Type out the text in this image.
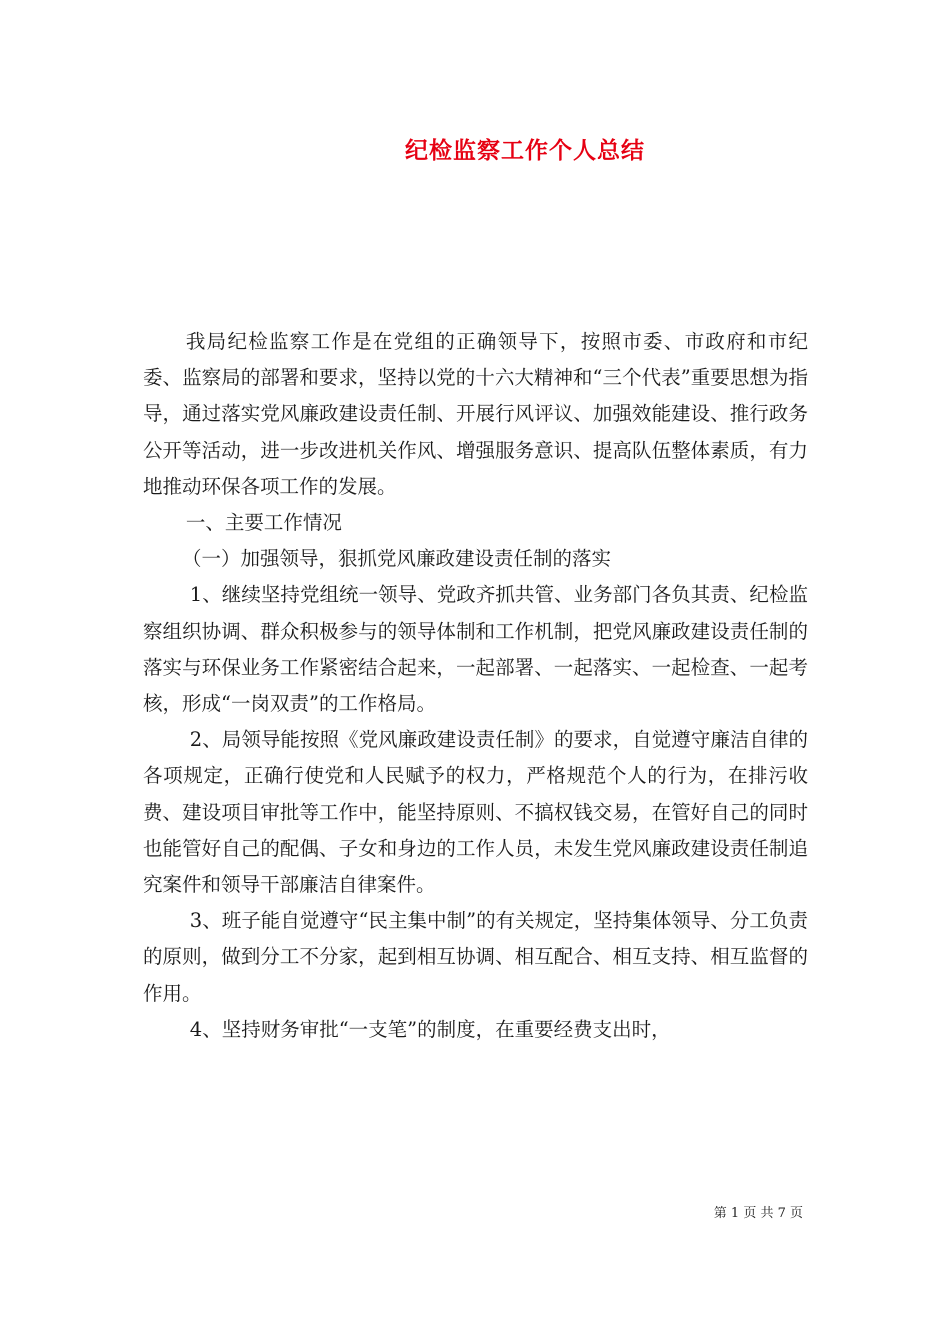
纪检监察工作个人总结

我局纪检监察工作是在党组的正确领导下，按照市委、市政府和市纪委、监察局的部署和要求，坚持以党的十六大精神和“三个代表”重要思想为指导，通过落实党风廉政建设责任制、开展行风评议、加强效能建设、推行政务公开等活动，进一步改进机关作风、增强服务意识、提高队伍整体素质，有力地推动环保各项工作的发展。

一、主要工作情况

（一）加强领导，狠抓党风廉政建设责任制的落实

1、继续坚持党组统一领导、党政齐抓共管、业务部门各负其责、纪检监察组织协调、群众积极参与的领导体制和工作机制，把党风廉政建设责任制的落实与环保业务工作紧密结合起来，一起部署、一起落实、一起检查、一起考核，形成“一岗双责”的工作格局。

2、局领导能按照《党风廉政建设责任制》的要求，自觉遵守廉洁自律的各项规定，正确行使党和人民赋予的权力，严格规范个人的行为，在排污收费、建设项目审批等工作中，能坚持原则、不搞权钱交易，在管好自己的同时也能管好自己的配偶、子女和身边的工作人员，未发生党风廉政建设责任制追究案件和领导干部廉洁自律案件。

3、班子能自觉遵守“民主集中制”的有关规定，坚持集体领导、分工负责的原则，做到分工不分家，起到相互协调、相互配合、相互支持、相互监督的作用。

4、坚持财务审批“一支笔”的制度，在重要经费支出时，

第 1 页 共 7 页
